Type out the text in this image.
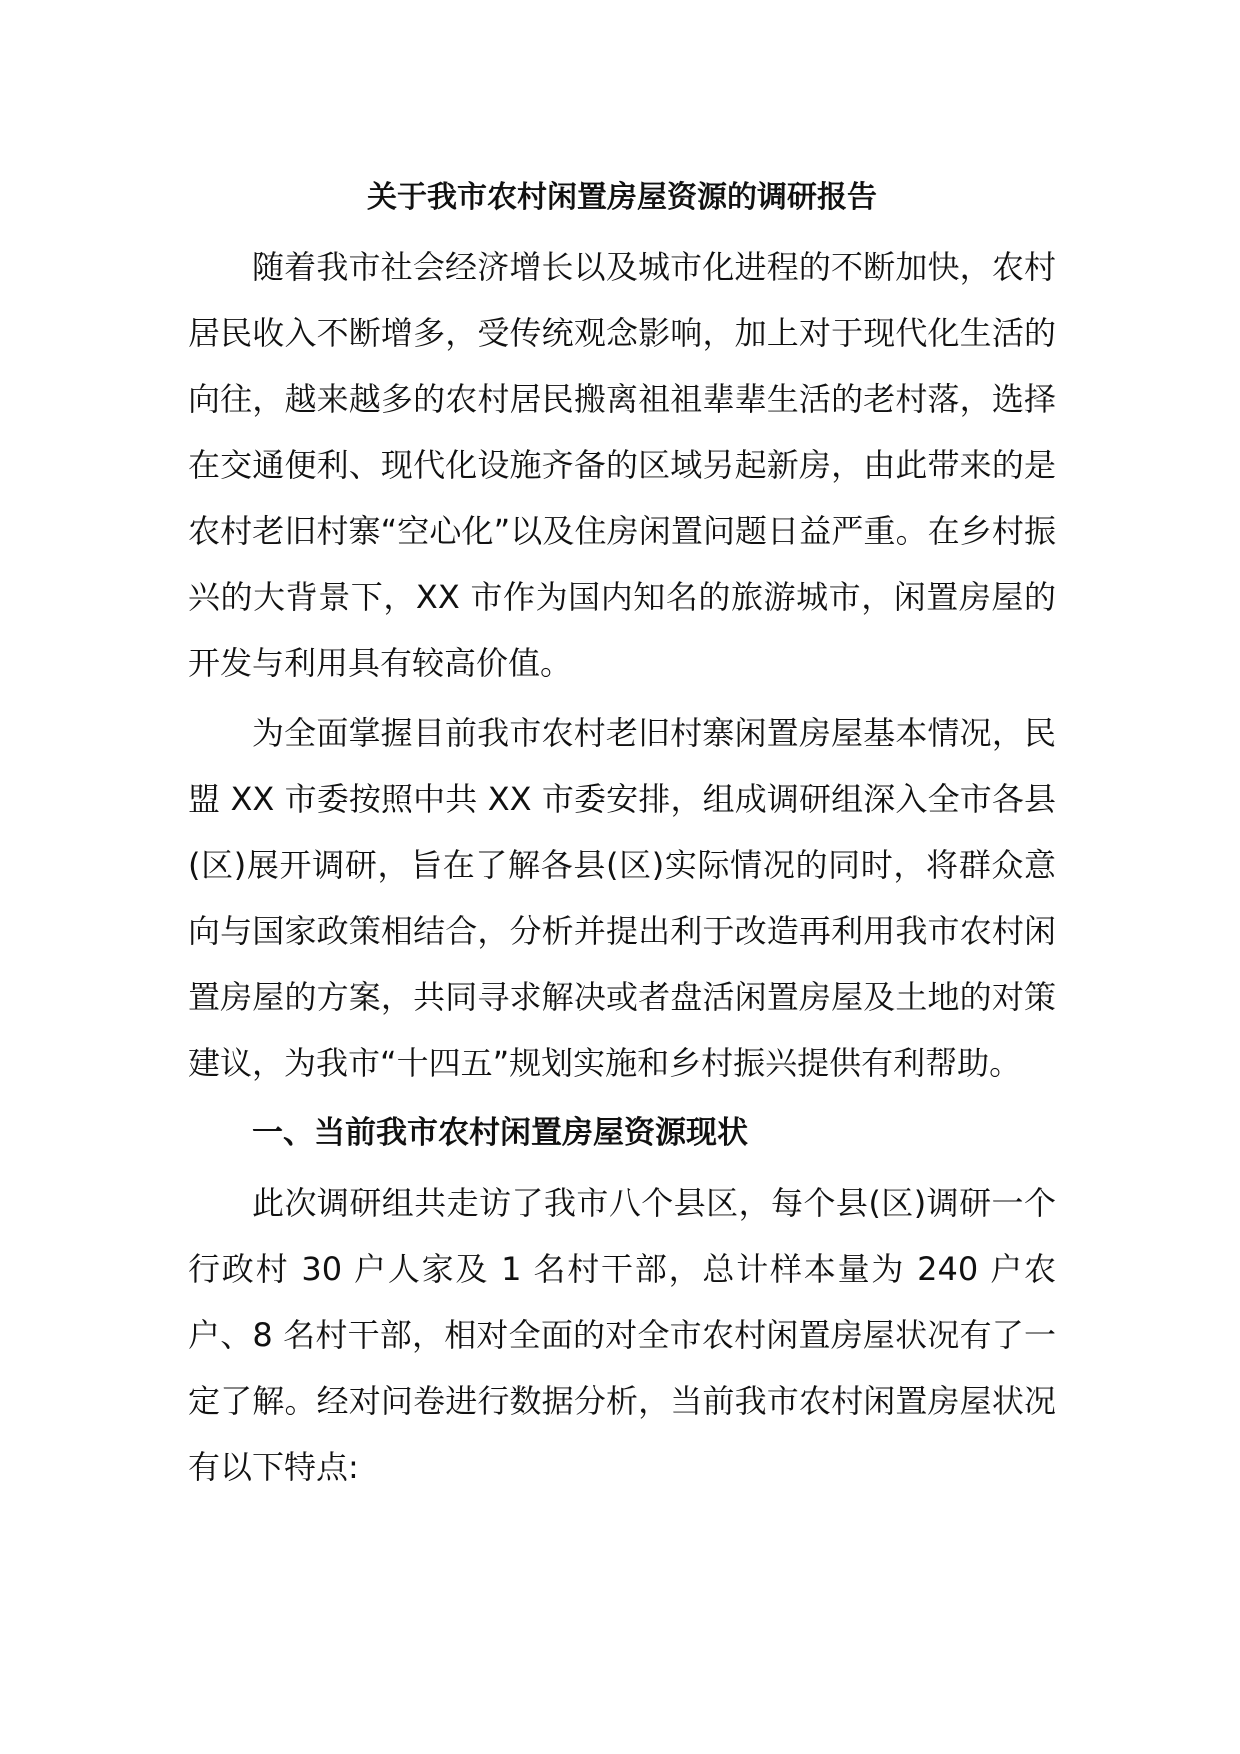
关于我市农村闲置房屋资源的调研报告

随着我市社会经济增长以及城市化进程的不断加快，农村居民收入不断增多，受传统观念影响，加上对于现代化生活的向往，越来越多的农村居民搬离祖祖辈辈生活的老村落，选择在交通便利、现代化设施齐备的区域另起新房，由此带来的是农村老旧村寨“空心化”以及住房闲置问题日益严重。在乡村振兴的大背景下，XX 市作为国内知名的旅游城市，闲置房屋的开发与利用具有较高价值。

为全面掌握目前我市农村老旧村寨闲置房屋基本情况，民盟 XX 市委按照中共 XX 市委安排，组成调研组深入全市各县(区)展开调研，旨在了解各县(区)实际情况的同时，将群众意向与国家政策相结合，分析并提出利于改造再利用我市农村闲置房屋的方案，共同寻求解决或者盘活闲置房屋及土地的对策建议，为我市“十四五”规划实施和乡村振兴提供有利帮助。

一、当前我市农村闲置房屋资源现状

此次调研组共走访了我市八个县区，每个县(区)调研一个行政村 30 户人家及 1 名村干部，总计样本量为 240 户农户、8 名村干部，相对全面的对全市农村闲置房屋状况有了一定了解。经对问卷进行数据分析，当前我市农村闲置房屋状况有以下特点:
